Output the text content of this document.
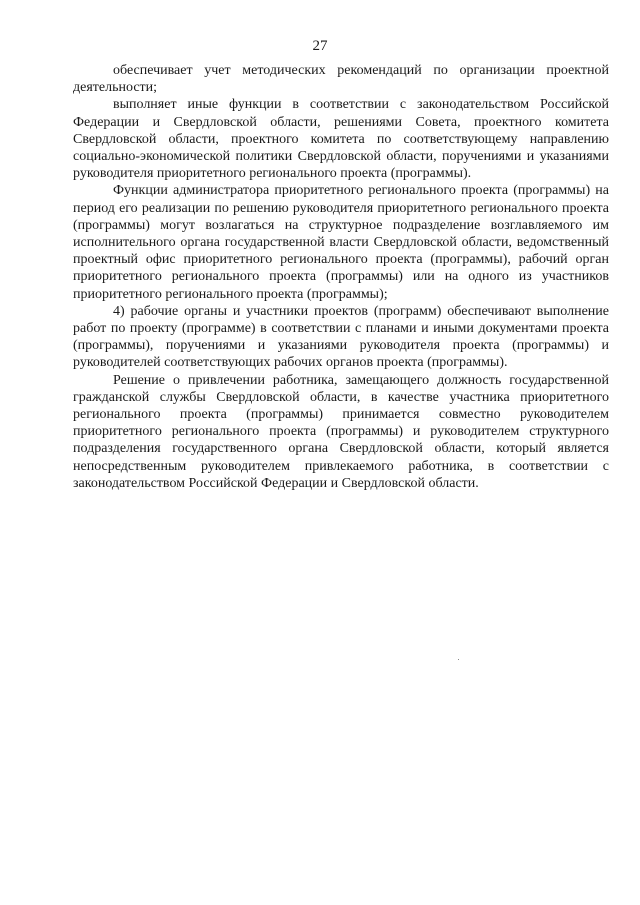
27

обеспечивает учет методических рекомендаций по организации проектной деятельности;

выполняет иные функции в соответствии с законодательством Российской Федерации и Свердловской области, решениями Совета, проектного комитета Свердловской области, проектного комитета по соответствующему направлению социально-экономической политики Свердловской области, поручениями и указаниями руководителя приоритетного регионального проекта (программы).

Функции администратора приоритетного регионального проекта (программы) на период его реализации по решению руководителя приоритетного регионального проекта (программы) могут возлагаться на структурное подразделение возглавляемого им исполнительного органа государственной власти Свердловской области, ведомственный проектный офис приоритетного регионального проекта (программы), рабочий орган приоритетного регионального проекта (программы) или на одного из участников приоритетного регионального проекта (программы);

4) рабочие органы и участники проектов (программ) обеспечивают выполнение работ по проекту (программе) в соответствии с планами и иными документами проекта (программы), поручениями и указаниями руководителя проекта (программы) и руководителей соответствующих рабочих органов проекта (программы).

Решение о привлечении работника, замещающего должность государственной гражданской службы Свердловской области, в качестве участника приоритетного регионального проекта (программы) принимается совместно руководителем приоритетного регионального проекта (программы) и руководителем структурного подразделения государственного органа Свердловской области, который является непосредственным руководителем привлекаемого работника, в соответствии с законодательством Российской Федерации и Свердловской области.
